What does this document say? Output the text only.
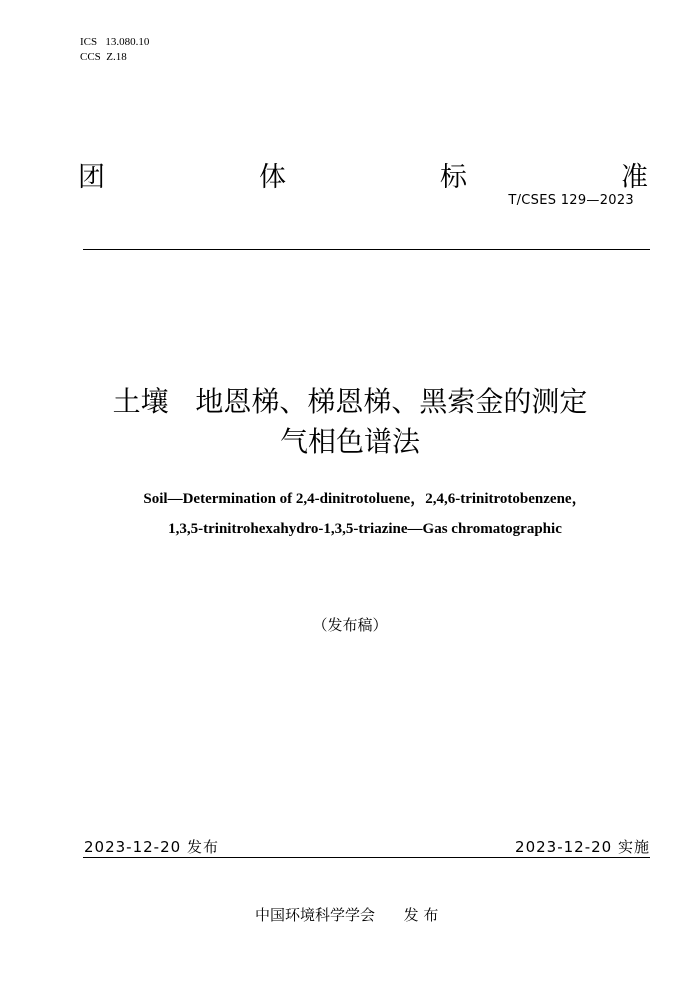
ICS   13.080.10
CCS  Z.18
团	体	标	准
T/CSES 129—2023
土壤   地恩梯、梯恩梯、黑索金的测定
气相色谱法
Soil—Determination of 2,4-dinitrotoluene，2,4,6-trinitrotobenzene，
1,3,5-trinitrohexahydro-1,3,5-triazine—Gas chromatographic
（发布稿）
2023-12-20 发布	2023-12-20 实施
中国环境科学学会      发 布
